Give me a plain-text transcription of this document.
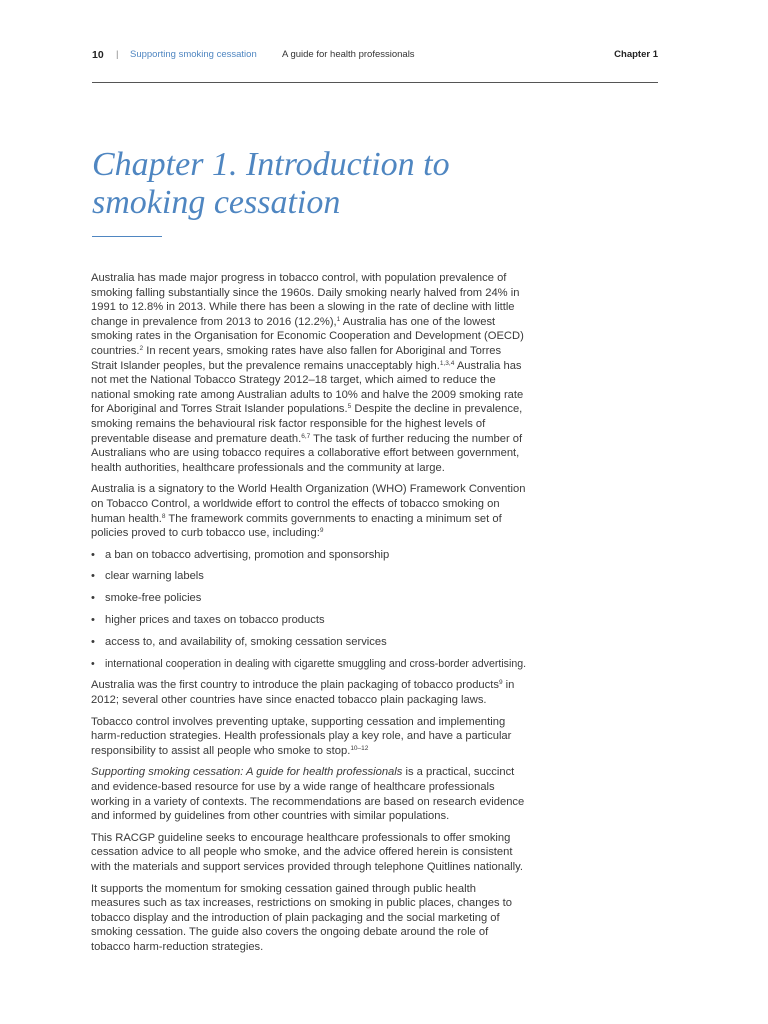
10 | Supporting smoking cessation	A guide for health professionals	Chapter 1
Chapter 1. Introduction to
smoking cessation

Australia has made major progress in tobacco control, with population prevalence of smoking falling substantially since the 1960s. Daily smoking nearly halved from 24% in 1991 to 12.8% in 2013. While there has been a slowing in the rate of decline with little change in prevalence from 2013 to 2016 (12.2%),$^1$ Australia has one of the lowest smoking rates in the Organisation for Economic Cooperation and Development (OECD) countries.$^2$ In recent years, smoking rates have also fallen for Aboriginal and Torres Strait Islander peoples, but the prevalence remains unacceptably high.$^{1,3,4}$ Australia has not met the National Tobacco Strategy 2012–18 target, which aimed to reduce the national smoking rate among Australian adults to 10% and halve the 2009 smoking rate for Aboriginal and Torres Strait Islander populations.$^5$ Despite the decline in prevalence, smoking remains the behavioural risk factor responsible for the highest levels of preventable disease and premature death.$^{6,7}$ The task of further reducing the number of Australians who are using tobacco requires a collaborative effort between government, health authorities, healthcare professionals and the community at large.

Australia is a signatory to the World Health Organization (WHO) Framework Convention on Tobacco Control, a worldwide effort to control the effects of tobacco smoking on human health.$^8$ The framework commits governments to enacting a minimum set of policies proved to curb tobacco use, including:$^9$

• a ban on tobacco advertising, promotion and sponsorship
• clear warning labels
• smoke-free policies
• higher prices and taxes on tobacco products
• access to, and availability of, smoking cessation services
• international cooperation in dealing with cigarette smuggling and cross-border advertising.

Australia was the first country to introduce the plain packaging of tobacco products$^9$ in 2012; several other countries have since enacted tobacco plain packaging laws.

Tobacco control involves preventing uptake, supporting cessation and implementing harm-reduction strategies. Health professionals play a key role, and have a particular responsibility to assist all people who smoke to stop.$^{10-12}$

Supporting smoking cessation: A guide for health professionals is a practical, succinct and evidence-based resource for use by a wide range of healthcare professionals working in a variety of contexts. The recommendations are based on research evidence and informed by guidelines from other countries with similar populations.

This RACGP guideline seeks to encourage healthcare professionals to offer smoking cessation advice to all people who smoke, and the advice offered herein is consistent with the materials and support services provided through telephone Quitlines nationally.

It supports the momentum for smoking cessation gained through public health measures such as tax increases, restrictions on smoking in public places, changes to tobacco display and the introduction of plain packaging and the social marketing of smoking cessation. The guide also covers the ongoing debate around the role of tobacco harm-reduction strategies.
